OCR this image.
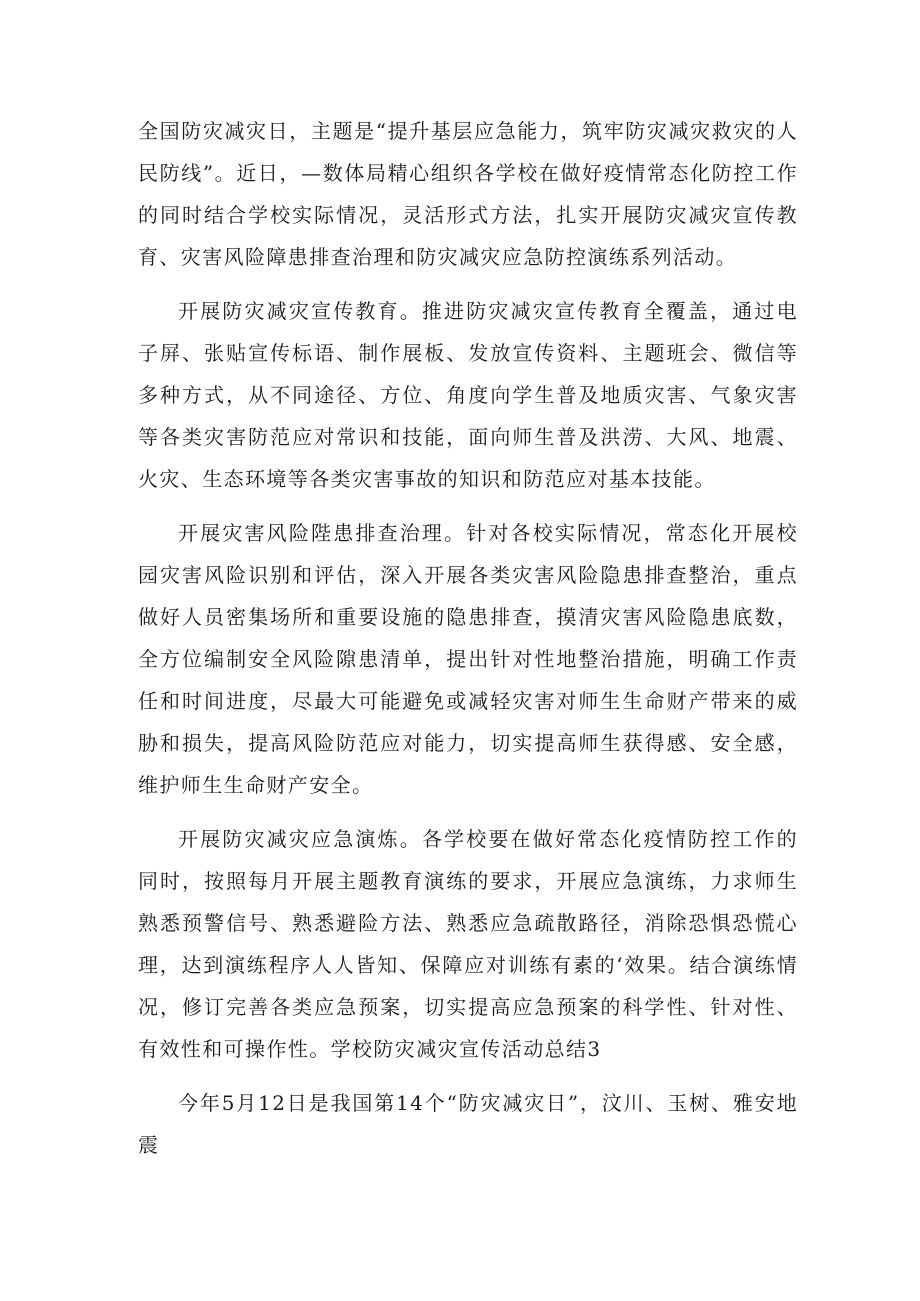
全国防灾减灾日，主题是“提升基层应急能力，筑牢防灾减灾救灾的人民防线”。近日，—数体局精心组织各学校在做好疫情常态化防控工作的同时结合学校实际情况，灵活形式方法，扎实开展防灾减灾宣传教育、灾害风险障患排查治理和防灾减灾应急防控演练系列活动。

开展防灾减灾宣传教育。推进防灾减灾宣传教育全覆盖，通过电子屏、张贴宣传标语、制作展板、发放宣传资料、主题班会、微信等多种方式，从不同途径、方位、角度向学生普及地质灾害、气象灾害等各类灾害防范应对常识和技能，面向师生普及洪涝、大风、地震、火灾、生态环境等各类灾害事故的知识和防范应对基本技能。

开展灾害风险陛患排查治理。针对各校实际情况，常态化开展校园灾害风险识别和评估，深入开展各类灾害风险隐患排查整治，重点做好人员密集场所和重要设施的隐患排查，摸清灾害风险隐患底数，全方位编制安全风险隙患清单，提出针对性地整治措施，明确工作责任和时间进度，尽最大可能避免或减轻灾害对师生生命财产带来的威胁和损失，提高风险防范应对能力，切实提高师生获得感、安全感，维护师生生命财产安全。

开展防灾减灾应急演炼。各学校要在做好常态化疫情防控工作的同时，按照每月开展主题教育演练的要求，开展应急演练，力求师生熟悉预警信号、熟悉避险方法、熟悉应急疏散路径，消除恐惧恐慌心理，达到演练程序人人皆知、保障应对训练有素的‘效果。结合演练情况，修订完善各类应急预案，切实提高应急预案的科学性、针对性、有效性和可操作性。学校防灾减灾宣传活动总结3

今年5月12日是我国第14个“防灾减灾日”，汶川、玉树、雅安地震
